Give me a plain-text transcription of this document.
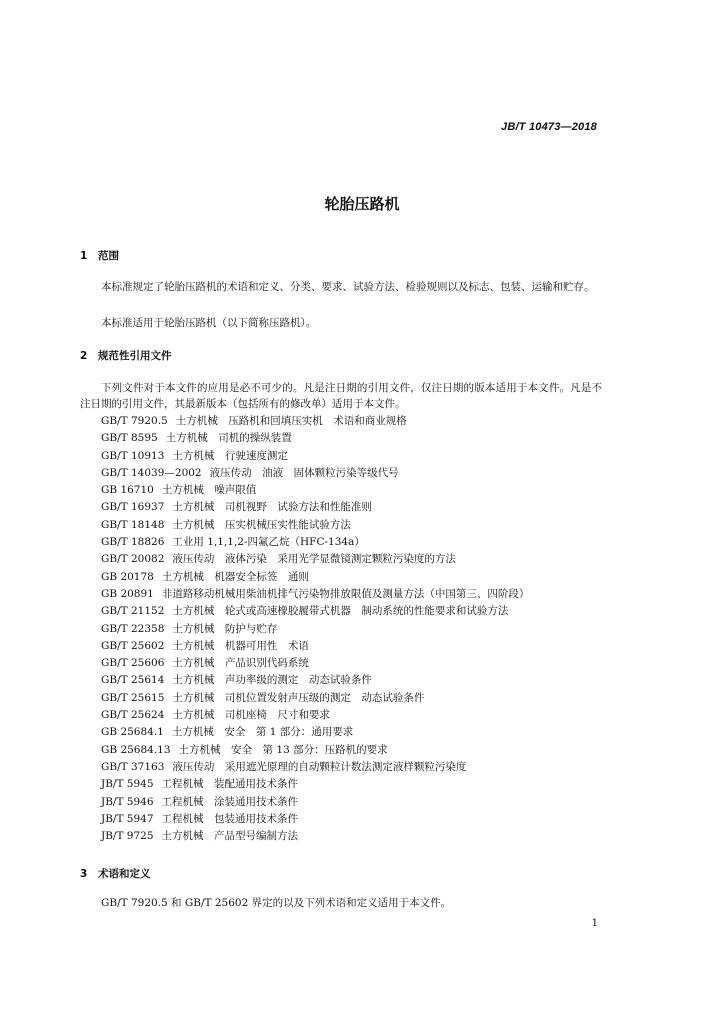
JB/T 10473—2018
轮胎压路机
1 范围
本标准规定了轮胎压路机的术语和定义、分类、要求、试验方法、检验规则以及标志、包装、运输和贮存。
本标准适用于轮胎压路机（以下简称压路机）。
2 规范性引用文件
下列文件对于本文件的应用是必不可少的。凡是注日期的引用文件，仅注日期的版本适用于本文件。凡是不注日期的引用文件，其最新版本（包括所有的修改单）适用于本文件。
GB/T 7920.5 土方机械　压路机和回填压实机　术语和商业规格
GB/T 8595 土方机械　司机的操纵装置
GB/T 10913 土方机械　行驶速度测定
GB/T 14039—2002 液压传动　油液　固体颗粒污染等级代号
GB 16710 土方机械　噪声限值
GB/T 16937 土方机械　司机视野　试验方法和性能准则
GB/T 18148 土方机械　压实机械压实性能试验方法
GB/T 18826 工业用 1,1,1,2-四氟乙烷（HFC-134a）
GB/T 20082 液压传动　液体污染　采用光学显微镜测定颗粒污染度的方法
GB 20178 土方机械　机器安全标签　通则
GB 20891 非道路移动机械用柴油机排气污染物排放限值及测量方法（中国第三、四阶段）
GB/T 21152 土方机械　轮式或高速橡胶履带式机器　制动系统的性能要求和试验方法
GB/T 22358 土方机械　防护与贮存
GB/T 25602 土方机械　机器可用性　术语
GB/T 25606 土方机械　产品识别代码系统
GB/T 25614 土方机械　声功率级的测定　动态试验条件
GB/T 25615 土方机械　司机位置发射声压级的测定　动态试验条件
GB/T 25624 土方机械　司机座椅　尺寸和要求
GB 25684.1 土方机械　安全　第 1 部分：通用要求
GB 25684.13 土方机械　安全　第 13 部分：压路机的要求
GB/T 37163 液压传动　采用遮光原理的自动颗粒计数法测定液样颗粒污染度
JB/T 5945 工程机械　装配通用技术条件
JB/T 5946 工程机械　涂装通用技术条件
JB/T 5947 工程机械　包装通用技术条件
JB/T 9725 土方机械　产品型号编制方法
3 术语和定义
GB/T 7920.5 和 GB/T 25602 界定的以及下列术语和定义适用于本文件。
1
